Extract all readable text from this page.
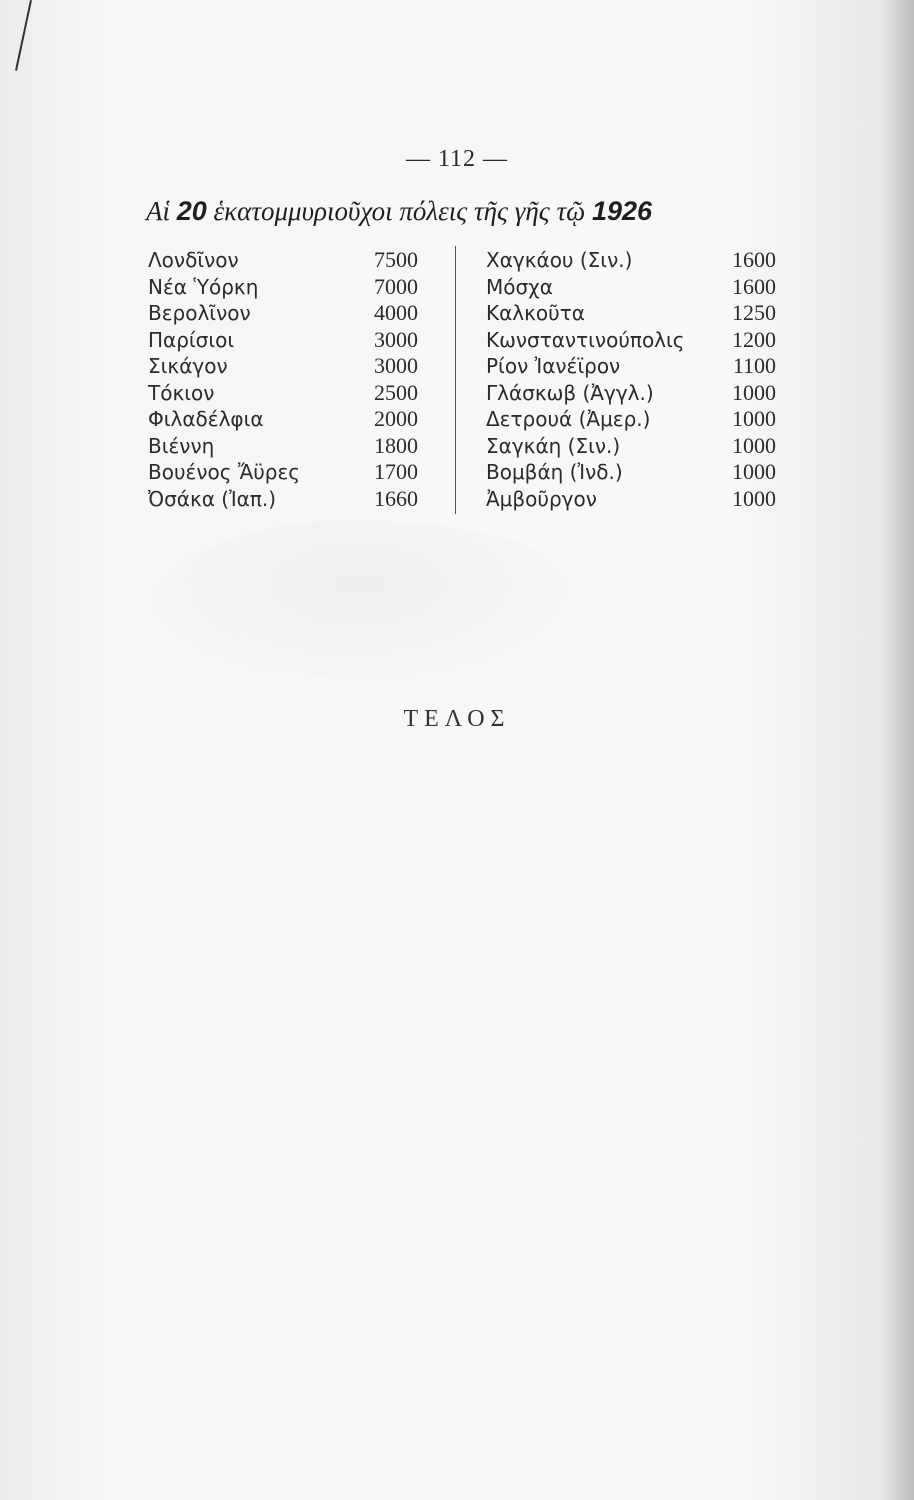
— 112 —
Αἱ 20 ἑκατομμυριοῦχοι πόλεις τῆς γῆς τῷ 1926
Λονδῖνον	7500
Νέα Ὑόρκη	7000
Βερολῖνον	4000
Παρίσιοι	3000
Σικάγον	3000
Τόκιον	2500
Φιλαδέλφια	2000
Βιέννη	1800
Βουένος Ἄϋρες	1700
Ὀσάκα (Ἰαπ.)	1660
Χαγκάου (Σιν.)	1600
Μόσχα	1600
Καλκοῦτα	1250
Κωνσταντινούπολις 1200
Ρίον Ἰανέϊρον	1100
Γλάσκωβ (Ἀγγλ.)	1000
Δετρουά (Ἀμερ.)	1000
Σαγκάη (Σιν.)	1000
Βομβάη (Ἰνδ.)	1000
Ἀμβοῦργον	1000
ΤΕΛΟΣ
